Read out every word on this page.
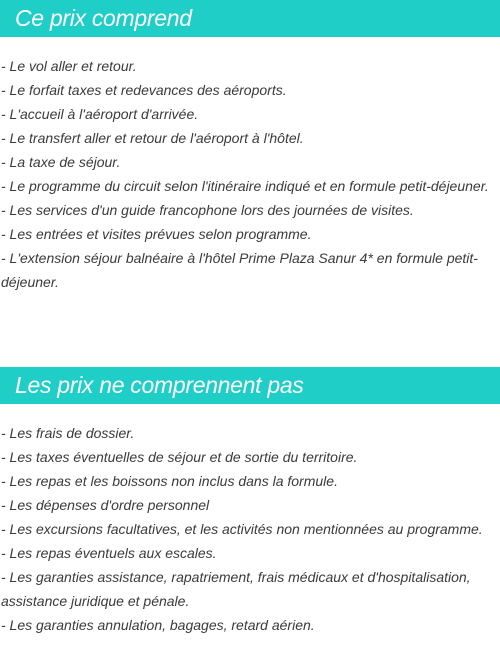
Ce prix comprend
- Le vol aller et retour.
- Le forfait taxes et redevances des aéroports.
- L'accueil à l'aéroport d'arrivée.
- Le transfert aller et retour de l'aéroport à l'hôtel.
- La taxe de séjour.
- Le programme du circuit selon l'itinéraire indiqué et en formule petit-déjeuner.
- Les services d'un guide francophone lors des journées de visites.
- Les entrées et visites prévues selon programme.
- L'extension séjour balnéaire à l'hôtel Prime Plaza Sanur 4* en formule petit-déjeuner.
Les prix ne comprennent pas
- Les frais de dossier.
- Les taxes éventuelles de séjour et de sortie du territoire.
- Les repas et les boissons non inclus dans la formule.
- Les dépenses d'ordre personnel
- Les excursions facultatives, et les activités non mentionnées au programme.
- Les repas éventuels aux escales.
- Les garanties assistance, rapatriement, frais médicaux et d'hospitalisation, assistance juridique et pénale.
- Les garanties annulation, bagages, retard aérien.
